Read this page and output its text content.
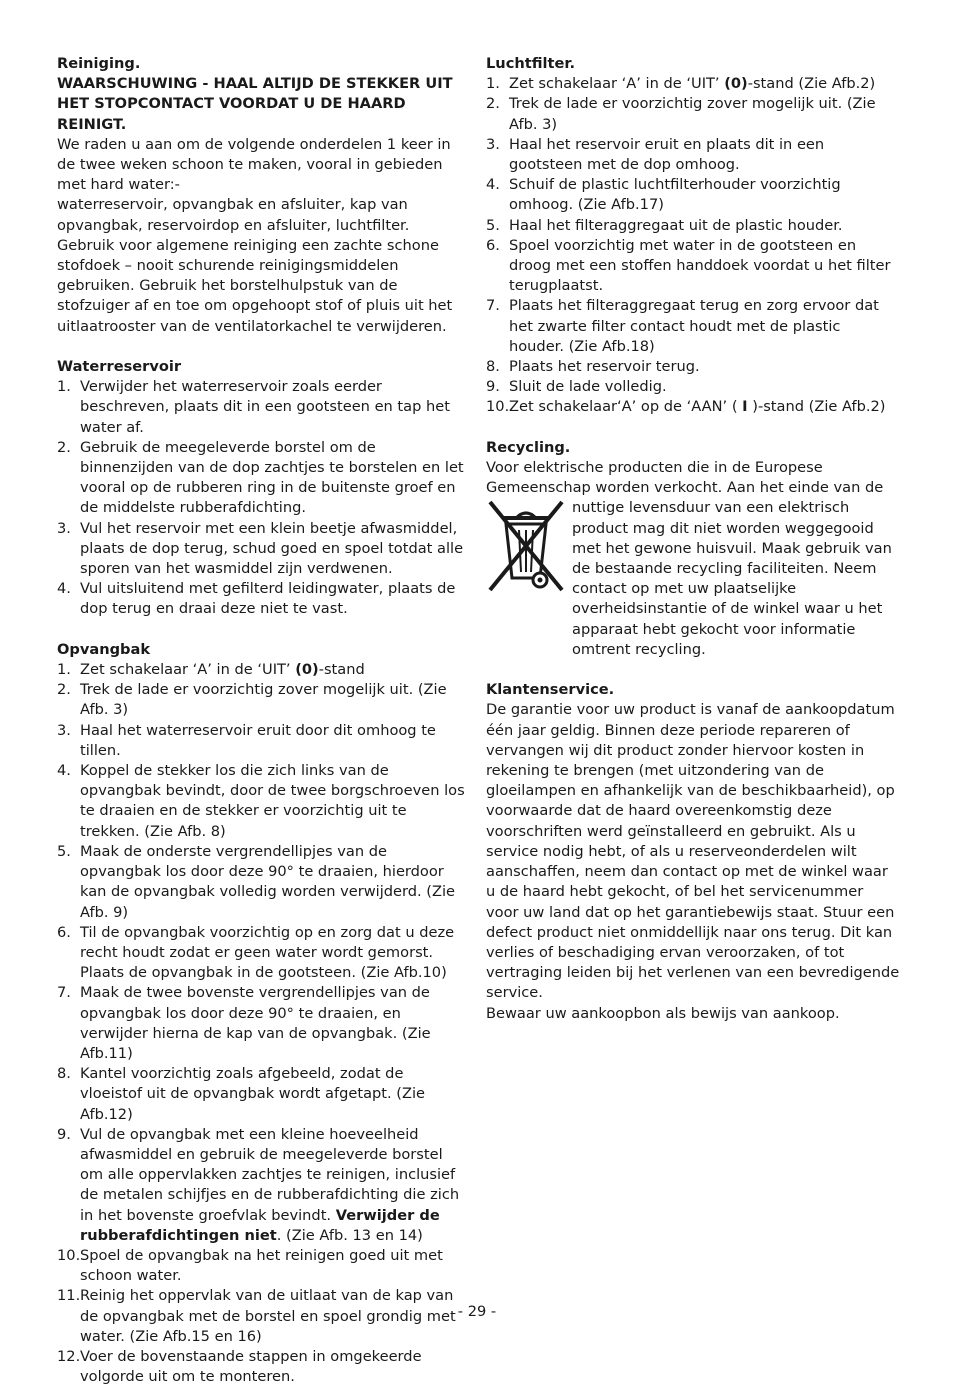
Reiniging.

WAARSCHUWING - HAAL ALTIJD DE STEKKER UIT HET STOPCONTACT VOORDAT U DE HAARD REINIGT.

We raden u aan om de volgende onderdelen 1 keer in de twee weken schoon te maken, vooral in gebieden met hard water:-

waterreservoir, opvangbak en afsluiter, kap van opvangbak, reservoirdop en afsluiter, luchtfilter.

Gebruik voor algemene reiniging een zachte schone stofdoek – nooit schurende reinigingsmiddelen gebruiken. Gebruik het borstelhulpstuk van de stofzuiger af en toe om opgehoopt stof of pluis uit het uitlaatrooster van de ventilatorkachel te verwijderen.

Waterreservoir

1. Verwijder het waterreservoir zoals eerder beschreven, plaats dit in een gootsteen en tap het water af.
2. Gebruik de meegeleverde borstel om de binnenzijden van de dop zachtjes te borstelen en let vooral op de rubberen ring in de buitenste groef en de middelste rubberafdichting.
3. Vul het reservoir met een klein beetje afwasmiddel, plaats de dop terug, schud goed en spoel totdat alle sporen van het wasmiddel zijn verdwenen.
4. Vul uitsluitend met gefilterd leidingwater, plaats de dop terug en draai deze niet te vast.

Opvangbak

1. Zet schakelaar ‘A’ in de ‘UIT’ (0)-stand
2. Trek de lade er voorzichtig zover mogelijk uit. (Zie Afb. 3)
3. Haal het waterreservoir eruit door dit omhoog te tillen.
4. Koppel de stekker los die zich links van de opvangbak bevindt, door de twee borgschroeven los te draaien en de stekker er voorzichtig uit te trekken. (Zie Afb. 8)
5. Maak de onderste vergrendellipjes van de opvangbak los door deze 90° te draaien, hierdoor kan de opvangbak volledig worden verwijderd. (Zie Afb. 9)
6. Til de opvangbak voorzichtig op en zorg dat u deze recht houdt zodat er geen water wordt gemorst. Plaats de opvangbak in de gootsteen. (Zie Afb.10)
7. Maak de twee bovenste vergrendellipjes van de opvangbak los door deze 90° te draaien, en verwijder hierna de kap van de opvangbak. (Zie Afb.11)
8. Kantel voorzichtig zoals afgebeeld, zodat de vloeistof uit de opvangbak wordt afgetapt. (Zie Afb.12)
9. Vul de opvangbak met een kleine hoeveelheid afwasmiddel en gebruik de meegeleverde borstel om alle oppervlakken zachtjes te reinigen, inclusief de metalen schijfjes en de rubberafdichting die zich in het bovenste groefvlak bevindt. Verwijder de rubberafdichtingen niet. (Zie Afb. 13 en 14)
10. Spoel de opvangbak na het reinigen goed uit met schoon water.
11. Reinig het oppervlak van de uitlaat van de kap van de opvangbak met de borstel en spoel grondig met water. (Zie Afb.15 en 16)
12. Voer de bovenstaande stappen in omgekeerde volgorde uit om te monteren.

Luchtfilter.

1. Zet schakelaar ‘A’ in de ‘UIT’ (0)-stand (Zie Afb.2)
2. Trek de lade er voorzichtig zover mogelijk uit. (Zie Afb. 3)
3. Haal het reservoir eruit en plaats dit in een gootsteen met de dop omhoog.
4. Schuif de plastic luchtfilterhouder voorzichtig omhoog. (Zie Afb.17)
5. Haal het filteraggregaat uit de plastic houder.
6. Spoel voorzichtig met water in de gootsteen en droog met een stoffen handdoek voordat u het filter terugplaatst.
7. Plaats het filteraggregaat terug en zorg ervoor dat het zwarte filter contact houdt met de plastic houder. (Zie Afb.18)
8. Plaats het reservoir terug.
9. Sluit de lade volledig.
10. Zet schakelaar‘A’ op de ‘AAN’ ( I )-stand (Zie Afb.2)

Recycling.

Voor elektrische producten die in de Europese Gemeenschap worden verkocht. Aan het einde van de

nuttige levensduur van een elektrisch product mag dit niet worden weggegooid met het gewone huisvuil. Maak gebruik van de bestaande recycling faciliteiten. Neem contact op met uw plaatselijke overheidsinstantie of de winkel waar u het apparaat hebt gekocht voor informatie omtrent recycling.

Klantenservice.

De garantie voor uw product is vanaf de aankoopdatum één jaar geldig. Binnen deze periode repareren of vervangen wij dit product zonder hiervoor kosten in rekening te brengen (met uitzondering van de gloeilampen en afhankelijk van de beschikbaarheid), op voorwaarde dat de haard overeenkomstig deze voorschriften werd geïnstalleerd en gebruikt. Als u service nodig hebt, of als u reserveonderdelen wilt aanschaffen, neem dan contact op met de winkel waar u de haard hebt gekocht, of bel het servicenummer voor uw land dat op het garantiebewijs staat. Stuur een defect product niet onmiddellijk naar ons terug. Dit kan verlies of beschadiging ervan veroorzaken, of tot vertraging leiden bij het verlenen van een bevredigende service.

Bewaar uw aankoopbon als bewijs van aankoop.

- 29 -
